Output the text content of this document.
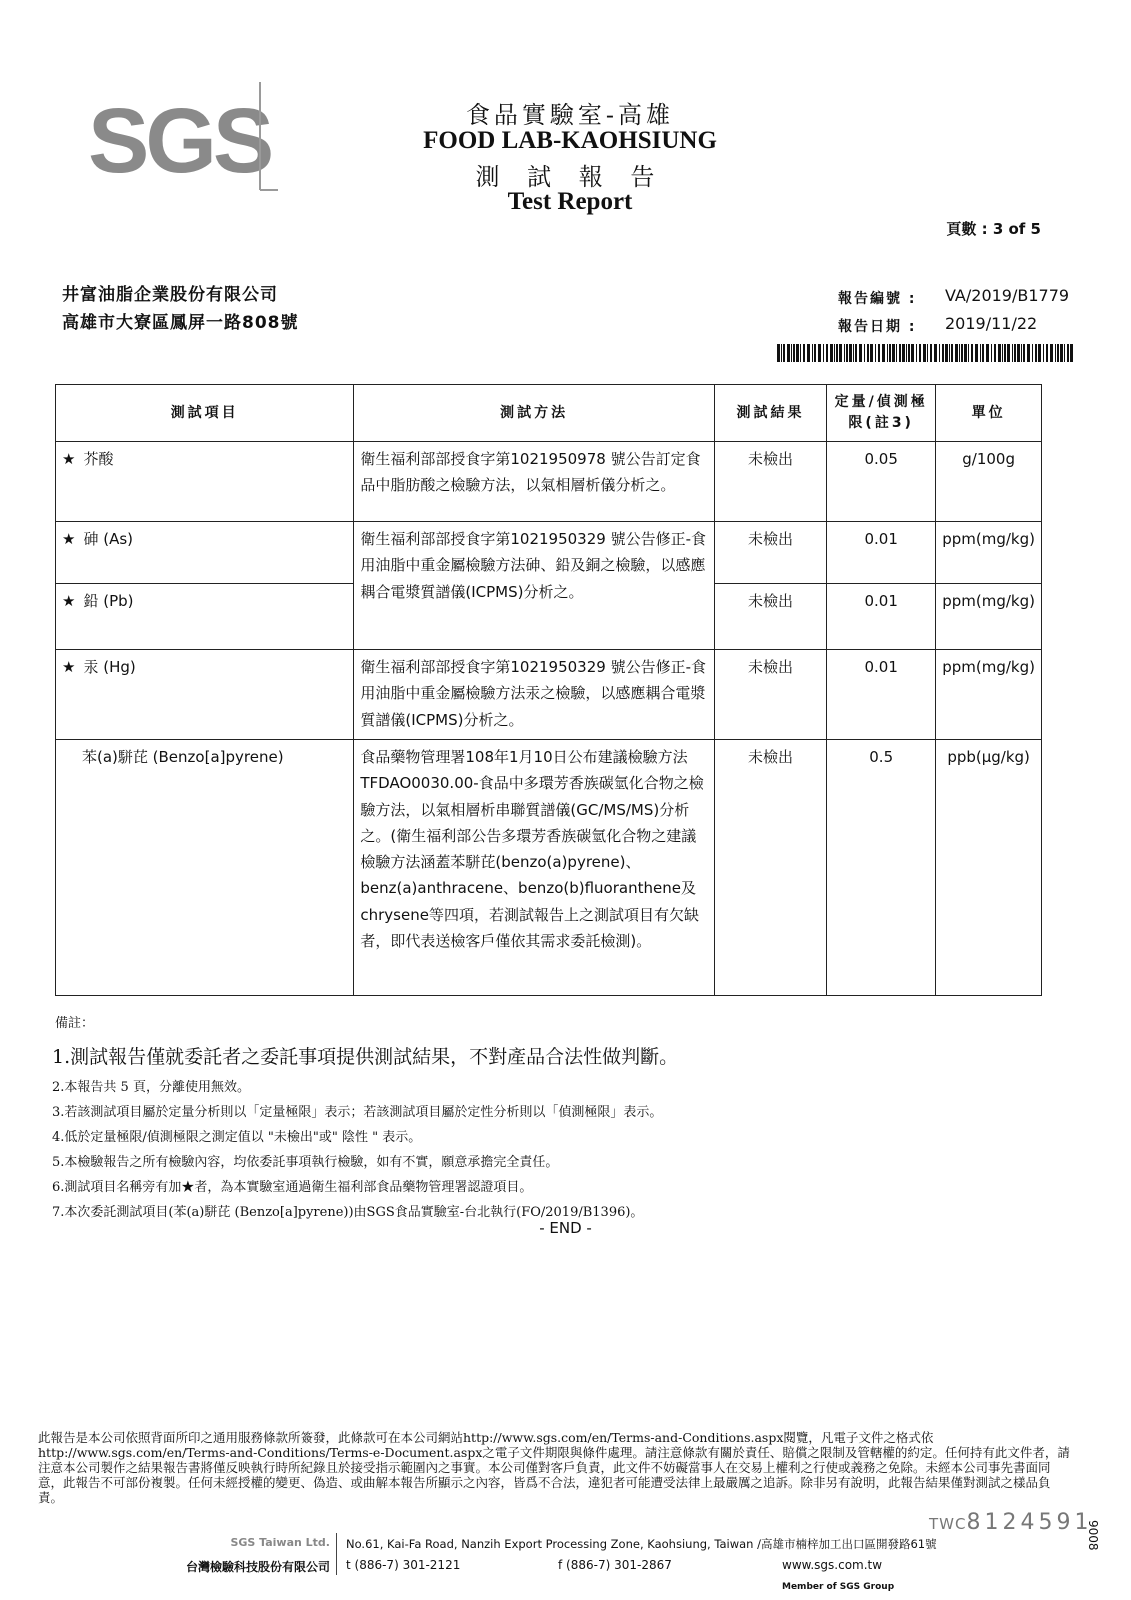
SGS	食品實驗室-高雄
FOOD LAB-KAOHSIUNG
測 試 報 告
Test Report
頁數 : 3 of 5
井富油脂企業股份有限公司
高雄市大寮區鳳屏一路808號
報告編號 : VA/2019/B1779
報告日期 : 2019/11/22
測試項目	測試方法	測試結果	定量/偵測極限(註3)	單位
★ 芥酸	衛生福利部部授食字第1021950978 號公告訂定食品中脂肪酸之檢驗方法，以氣相層析儀分析之。	未檢出	0.05	g/100g
★ 砷 (As)	衛生福利部部授食字第1021950329 號公告修正-食用油脂中重金屬檢驗方法砷、鉛及銅之檢驗，以感應耦合電漿質譜儀(ICPMS)分析之。	未檢出	0.01	ppm(mg/kg)
★ 鉛 (Pb)		未檢出	0.01	ppm(mg/kg)
★ 汞 (Hg)	衛生福利部部授食字第1021950329 號公告修正-食用油脂中重金屬檢驗方法汞之檢驗，以感應耦合電漿質譜儀(ICPMS)分析之。	未檢出	0.01	ppm(mg/kg)
苯(a)駢芘 (Benzo[a]pyrene)	食品藥物管理署108年1月10日公布建議檢驗方法TFDAO0030.00-食品中多環芳香族碳氫化合物之檢驗方法，以氣相層析串聯質譜儀(GC/MS/MS)分析之。(衛生福利部公告多環芳香族碳氫化合物之建議檢驗方法涵蓋苯駢芘(benzo(a)pyrene)、benz(a)anthracene、benzo(b)fluoranthene及chrysene等四項，若測試報告上之測試項目有欠缺者，即代表送檢客戶僅依其需求委託檢測)。	未檢出	0.5	ppb(μg/kg)
備註：
1.測試報告僅就委託者之委託事項提供測試結果，不對產品合法性做判斷。
2.本報告共 5 頁，分離使用無效。
3.若該測試項目屬於定量分析則以「定量極限」表示；若該測試項目屬於定性分析則以「偵測極限」表示。
4.低於定量極限/偵測極限之測定值以 "未檢出"或" 陰性 " 表示。
5.本檢驗報告之所有檢驗內容，均依委託事項執行檢驗，如有不實，願意承擔完全責任。
6.測試項目名稱旁有加★者，為本實驗室通過衛生福利部食品藥物管理署認證項目。
7.本次委託測試項目(苯(a)駢芘 (Benzo[a]pyrene))由SGS食品實驗室-台北執行(FO/2019/B1396)。
- END -
此報告是本公司依照背面所印之通用服務條款所簽發，此條款可在本公司網站http://www.sgs.com/en/Terms-and-Conditions.aspx閱覽，凡電子文件之格式依http://www.sgs.com/en/Terms-and-Conditions/Terms-e-Document.aspx之電子文件期限與條件處理。請注意條款有關於責任、賠償之限制及管轄權的約定。任何持有此文件者，請注意本公司製作之結果報告書將僅反映執行時所紀錄且於接受指示範圍內之事實。本公司僅對客戶負責，此文件不妨礙當事人在交易上權利之行使或義務之免除。未經本公司事先書面同意，此報告不可部份複製。任何未經授權的變更、偽造、或曲解本報告所顯示之內容，皆爲不合法，違犯者可能遭受法律上最嚴厲之追訴。除非另有說明，此報告結果僅對測試之樣品負責。
TWC8124591
9008
SGS Taiwan Ltd.
台灣檢驗科技股份有限公司
No.61, Kai-Fa Road, Nanzih Export Processing Zone, Kaohsiung, Taiwan /高雄市楠梓加工出口區開發路61號
t (886-7) 301-2121	f (886-7) 301-2867	www.sgs.com.tw
Member of SGS Group
